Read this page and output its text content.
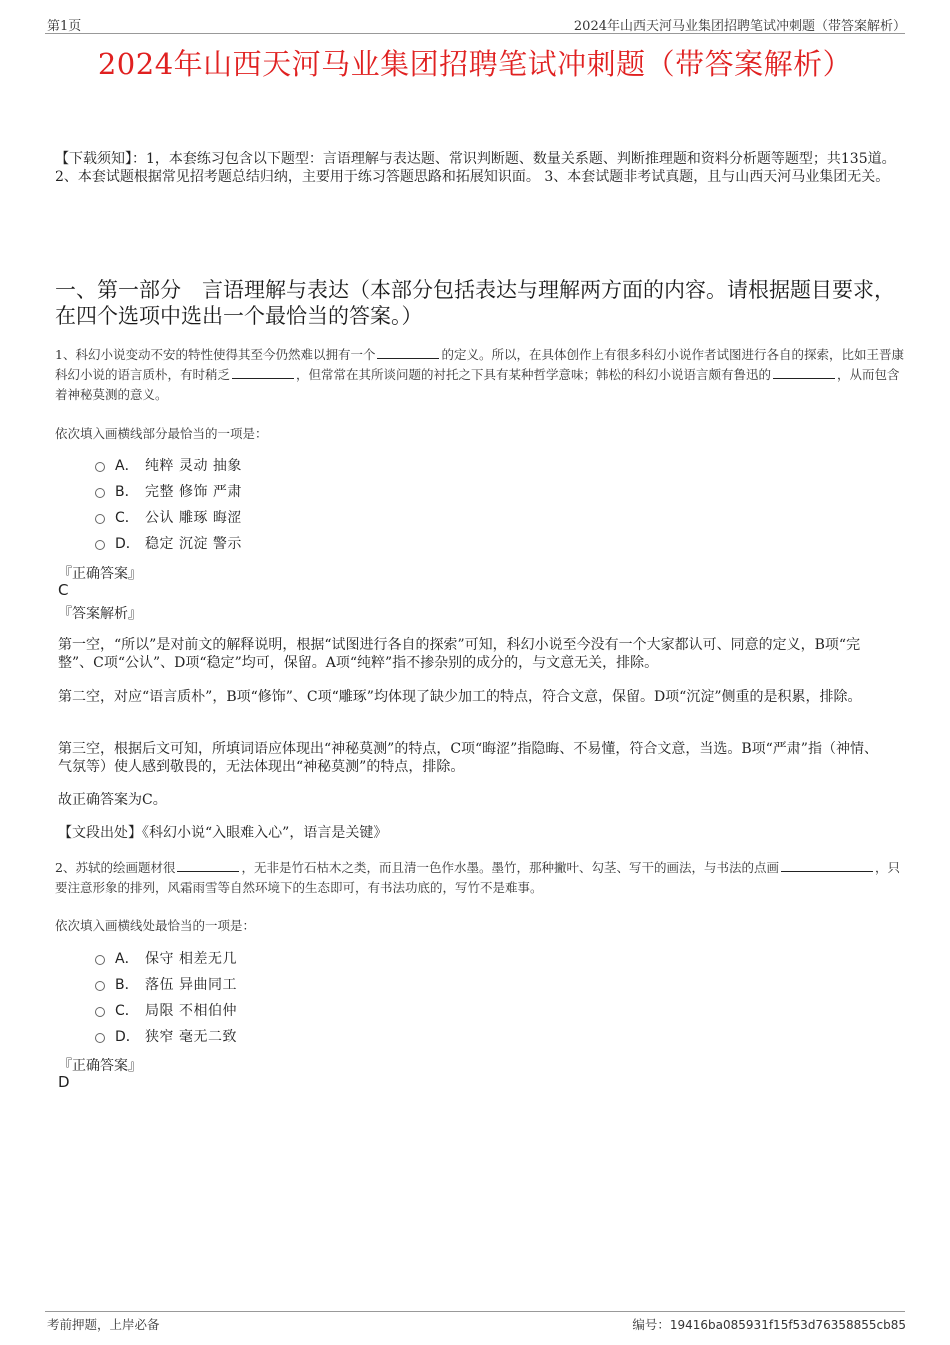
第1页	2024年山西天河马业集团招聘笔试冲刺题（带答案解析）
2024年山西天河马业集团招聘笔试冲刺题（带答案解析）
【下载须知】：1，本套练习包含以下题型：言语理解与表达题、常识判断题、数量关系题、判断推理题和资料分析题等题型；共135道。 2、本套试题根据常见招考题总结归纳，主要用于练习答题思路和拓展知识面。 3、本套试题非考试真题，且与山西天河马业集团无关。
一、第一部分　言语理解与表达（本部分包括表达与理解两方面的内容。请根据题目要求，在四个选项中选出一个最恰当的答案。）
1、科幻小说变动不安的特性使得其至今仍然难以拥有一个	的定义。所以，在具体创作上有很多科幻小说作者试图进行各自的探索，比如王晋康科幻小说的语言质朴，有时稍乏	，但常常在其所谈问题的衬托之下具有某种哲学意味；韩松的科幻小说语言颇有鲁迅的	，从而包含着神秘莫测的意义。
依次填入画横线部分最恰当的一项是：
A． 纯粹 灵动 抽象
B． 完整 修饰 严肃
C． 公认 雕琢 晦涩
D． 稳定 沉淀 警示
『正确答案』
C
『答案解析』
第一空，“所以”是对前文的解释说明，根据“试图进行各自的探索”可知，科幻小说至今没有一个大家都认可、同意的定义，B项“完整”、C项“公认”、D项“稳定”均可，保留。A项“纯粹”指不掺杂别的成分的，与文意无关，排除。
第二空，对应“语言质朴”，B项“修饰”、C项“雕琢”均体现了缺少加工的特点，符合文意，保留。D项“沉淀”侧重的是积累，排除。
第三空，根据后文可知，所填词语应体现出“神秘莫测”的特点，C项“晦涩”指隐晦、不易懂，符合文意，当选。B项“严肃”指（神情、气氛等）使人感到敬畏的，无法体现出“神秘莫测”的特点，排除。
故正确答案为C。
【文段出处】《科幻小说“入眼难入心”，语言是关键》
2、苏轼的绘画题材很	，无非是竹石枯木之类，而且清一色作水墨。墨竹，那种撇叶、勾茎、写干的画法，与书法的点画	，只要注意形象的排列，风霜雨雪等自然环境下的生态即可，有书法功底的，写竹不是难事。
依次填入画横线处最恰当的一项是：
A． 保守 相差无几
B． 落伍 异曲同工
C． 局限 不相伯仲
D． 狭窄 毫无二致
『正确答案』
D
考前押题，上岸必备	编号：19416ba085931f15f53d76358855cb85
